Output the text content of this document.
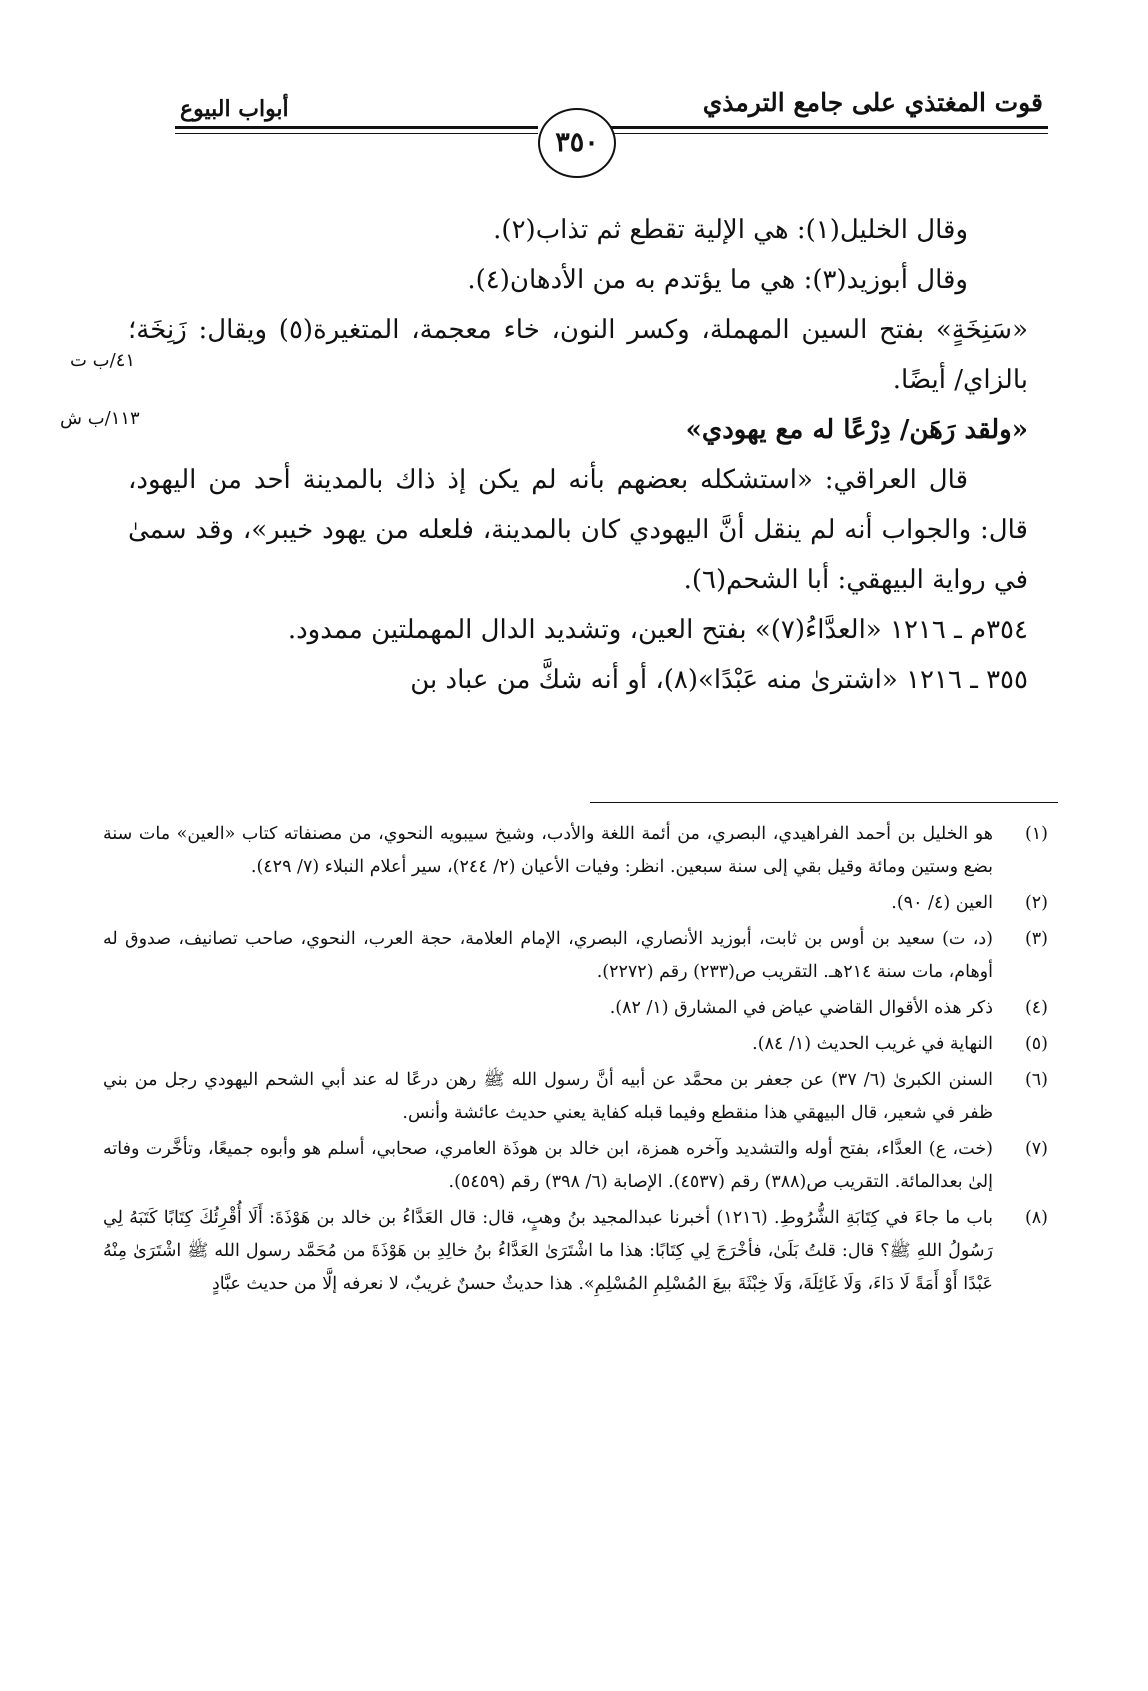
قوت المغتذي على جامع الترمذي
أبواب البيوع
٣٥٠
٤١/ب ت
١١٣/ب ش

وقال الخليل(١): هي الإلية تقطع ثم تذاب(٢).

وقال أبوزيد(٣): هي ما يؤتدم به من الأدهان(٤).

«سَنِخَةٍ» بفتح السين المهملة، وكسر النون، خاء معجمة، المتغيرة(٥) ويقال: زَنِخَة؛ بالزاي/ أيضًا.

«ولقد رَهَن/ دِرْعًا له مع يهودي»

قال العراقي: «استشكله بعضهم بأنه لم يكن إذ ذاك بالمدينة أحد من اليهود، قال: والجواب أنه لم ينقل أنَّ اليهودي كان بالمدينة، فلعله من يهود خيبر»، وقد سمىٰ في رواية البيهقي: أبا الشحم(٦).

٣٥٤م ـ ١٢١٦ «العدَّاءُ(٧)» بفتح العين، وتشديد الدال المهملتين ممدود.

٣٥٥ ـ ١٢١٦ «اشترىٰ منه عَبْدًا»(٨)، أو أنه شكَّ من عباد بن

(١)
هو الخليل بن أحمد الفراهيدي، البصري، من أئمة اللغة والأدب، وشيخ سيبويه النحوي، من مصنفاته كتاب «العين» مات سنة بضع وستين ومائة وقيل بقي إلى سنة سبعين. انظر: وفيات الأعيان (٢/ ٢٤٤)، سير أعلام النبلاء (٧/ ٤٢٩).
(٢)
العين (٤/ ٩٠).
(٣)
(د، ت) سعيد بن أوس بن ثابت، أبوزيد الأنصاري، البصري، الإمام العلامة، حجة العرب، النحوي، صاحب تصانيف، صدوق له أوهام، مات سنة ٢١٤هـ. التقريب ص(٢٣٣) رقم (٢٢٧٢).
(٤)
ذكر هذه الأقوال القاضي عياض في المشارق (١/ ٨٢).
(٥)
النهاية في غريب الحديث (١/ ٨٤).
(٦)
السنن الكبرىٰ (٦/ ٣٧) عن جعفر بن محمَّد عن أبيه أنَّ رسول الله ﷺ رهن درعًا له عند أبي الشحم اليهودي رجل من بني ظفر في شعير، قال البيهقي هذا منقطع وفيما قبله كفاية يعني حديث عائشة وأنس.
(٧)
(خت، ع) العدَّاء، بفتح أوله والتشديد وآخره همزة، ابن خالد بن هوذَة العامري، صحابي، أسلم هو وأبوه جميعًا، وتأخَّرت وفاته إلىٰ بعدالمائة. التقريب ص(٣٨٨) رقم (٤٥٣٧). الإصابة (٦/ ٣٩٨) رقم (٥٤٥٩).
(٨)
باب ما جاءَ في كِتَابَةِ الشُّرُوطِ. (١٢١٦) أخبرنا عبدالمجيد بنُ وهبٍ، قال: قال العَدَّاءُ بن خالد بن هَوْذَةَ: أَلَا أُقْرِئُكَ كِتَابًا كَتَبَهُ لِي رَسُولُ اللهِ ﷺ؟ قال: قلتُ بَلَىٰ، فأخْرَجَ لِي كِتَابًا: هذا ما اشْتَرَىٰ العَدَّاءُ بنُ خالِدِ بن هَوْذَةَ من مُحَمَّد رسول الله ﷺ اشْتَرَىٰ مِنْهُ عَبْدًا أَوْ أَمَةً لَا دَاءَ، وَلَا غَائِلَةَ، وَلَا خِبْثَةَ بيعَ المُسْلِمِ المُسْلِمِ». هذا حديثٌ حسنٌ غريبٌ، لا نعرفه إلَّا من حديث عبَّادٍ
